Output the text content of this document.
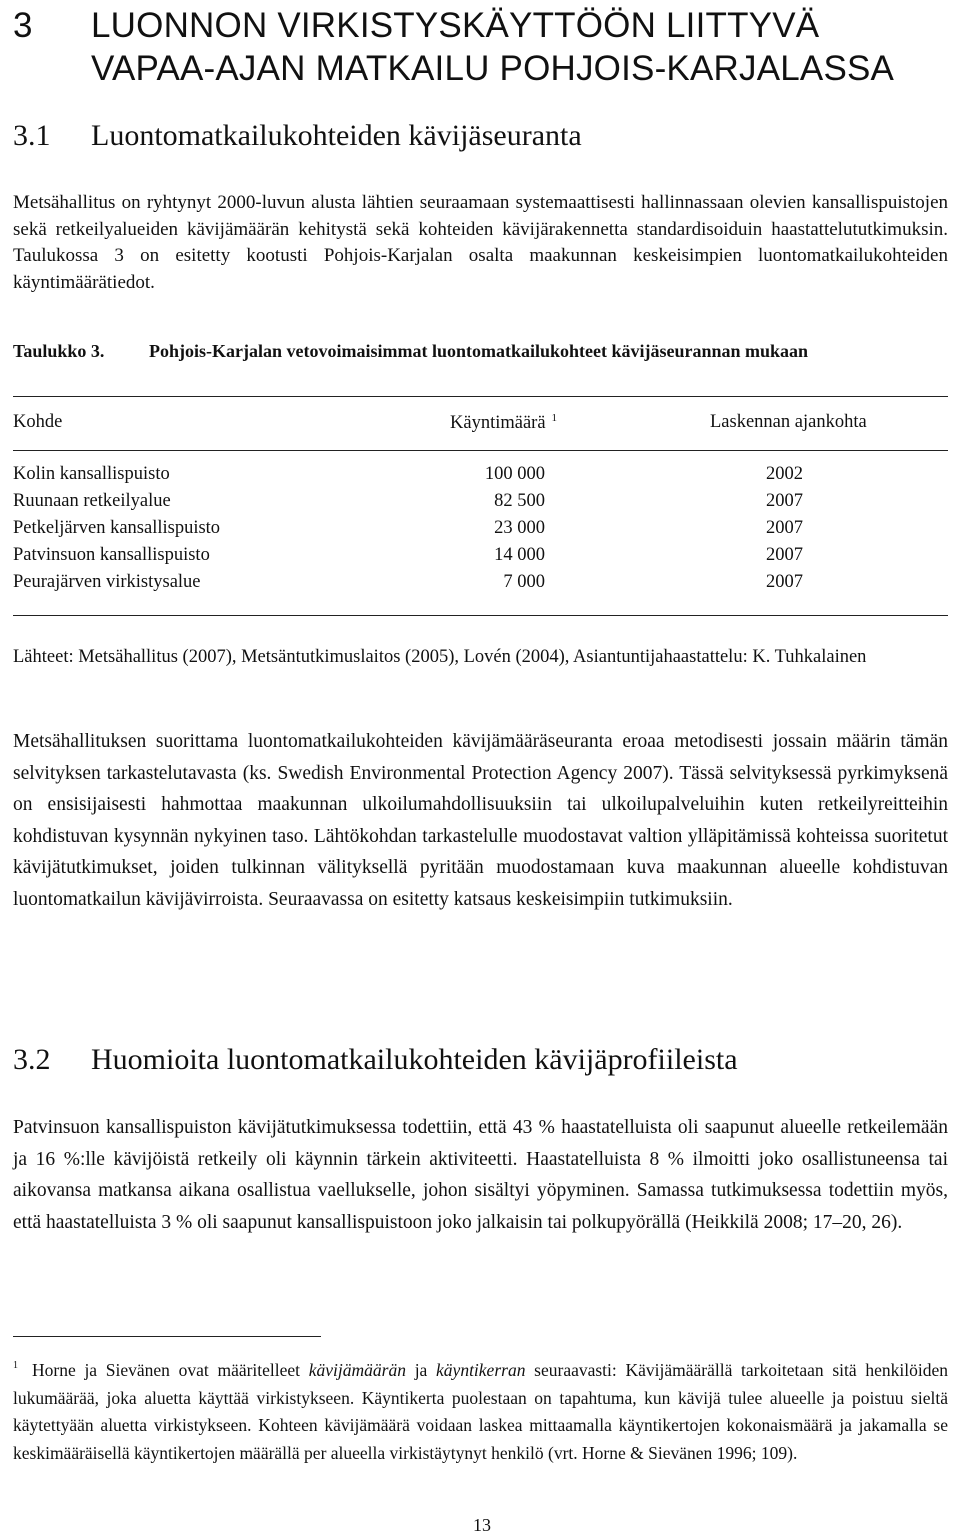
3 LUONNON VIRKISTYSKÄYTTÖÖN LIITTYVÄ VAPAA-AJAN MATKAILU POHJOIS-KARJALASSA
3.1 Luontomatkailukohteiden kävijäseuranta

Metsähallitus on ryhtynyt 2000-luvun alusta lähtien seuraamaan systemaattisesti hallinnassaan olevien kansallispuistojen sekä retkeilyalueiden kävijämäärän kehitystä sekä kohteiden kävijärakennetta standardisoiduin haastattelututkimuksin. Taulukossa 3 on esitetty kootusti Pohjois-Karjalan osalta maakunnan keskeisimpien luontomatkailukohteiden käyntimäärätiedot.

Taulukko 3. Pohjois-Karjalan vetovoimaisimmat luontomatkailukohteet kävijäseurannan mukaan
Kohde	Käyntimäärä $^1$	Laskennan ajankohta
Kolin kansallispuisto	100 000	2002
Ruunaan retkeilyalue	82 500	2007
Petkeljärven kansallispuisto	23 000	2007
Patvinsuon kansallispuisto	14 000	2007
Peurajärven virkistysalue	7 000	2007
Lähteet: Metsähallitus (2007), Metsäntutkimuslaitos (2005), Lovén (2004), Asiantuntijahaastattelu: K. Tuhkalainen

Metsähallituksen suorittama luontomatkailukohteiden kävijämääräseuranta eroaa metodisesti jossain määrin tämän selvityksen tarkastelutavasta (ks. Swedish Environmental Protection Agency 2007). Tässä selvityksessä pyrkimyksenä on ensisijaisesti hahmottaa maakunnan ulkoilumahdollisuuksiin tai ulkoilupalveluihin kuten retkeilyreitteihin kohdistuvan kysynnän nykyinen taso. Lähtökohdan tarkastelulle muodostavat valtion ylläpitämissä kohteissa suoritetut kävijätutkimukset, joiden tulkinnan välityksellä pyritään muodostamaan kuva maakunnan alueelle kohdistuvan luontomatkailun kävijävirroista. Seuraavassa on esitetty katsaus keskeisimpiin tutkimuksiin.

3.2 Huomioita luontomatkailukohteiden kävijäprofiileista

Patvinsuon kansallispuiston kävijätutkimuksessa todettiin, että 43 % haastatelluista oli saapunut alueelle retkeilemään ja 16 %:lle kävijöistä retkeily oli käynnin tärkein aktiviteetti. Haastatelluista 8 % ilmoitti joko osallistuneensa tai aikovansa matkansa aikana osallistua vaellukselle, johon sisältyi yöpyminen. Samassa tutkimuksessa todettiin myös, että haastatelluista 3 % oli saapunut kansallispuistoon joko jalkaisin tai polkupyörällä (Heikkilä 2008; 17–20, 26).

$^1$ Horne ja Sievänen ovat määritelleet kävijämäärän ja käyntikerran seuraavasti: Kävijämäärällä tarkoitetaan sitä henkilöiden lukumäärää, joka aluetta käyttää virkistykseen. Käyntikerta puolestaan on tapahtuma, kun kävijä tulee alueelle ja poistuu sieltä käytettyään aluetta virkistykseen. Kohteen kävijämäärä voidaan laskea mittaamalla käyntikertojen kokonaismäärä ja jakamalla se keskimääräisellä käyntikertojen määrällä per alueella virkistäytynyt henkilö (vrt. Horne & Sievänen 1996; 109).

13
